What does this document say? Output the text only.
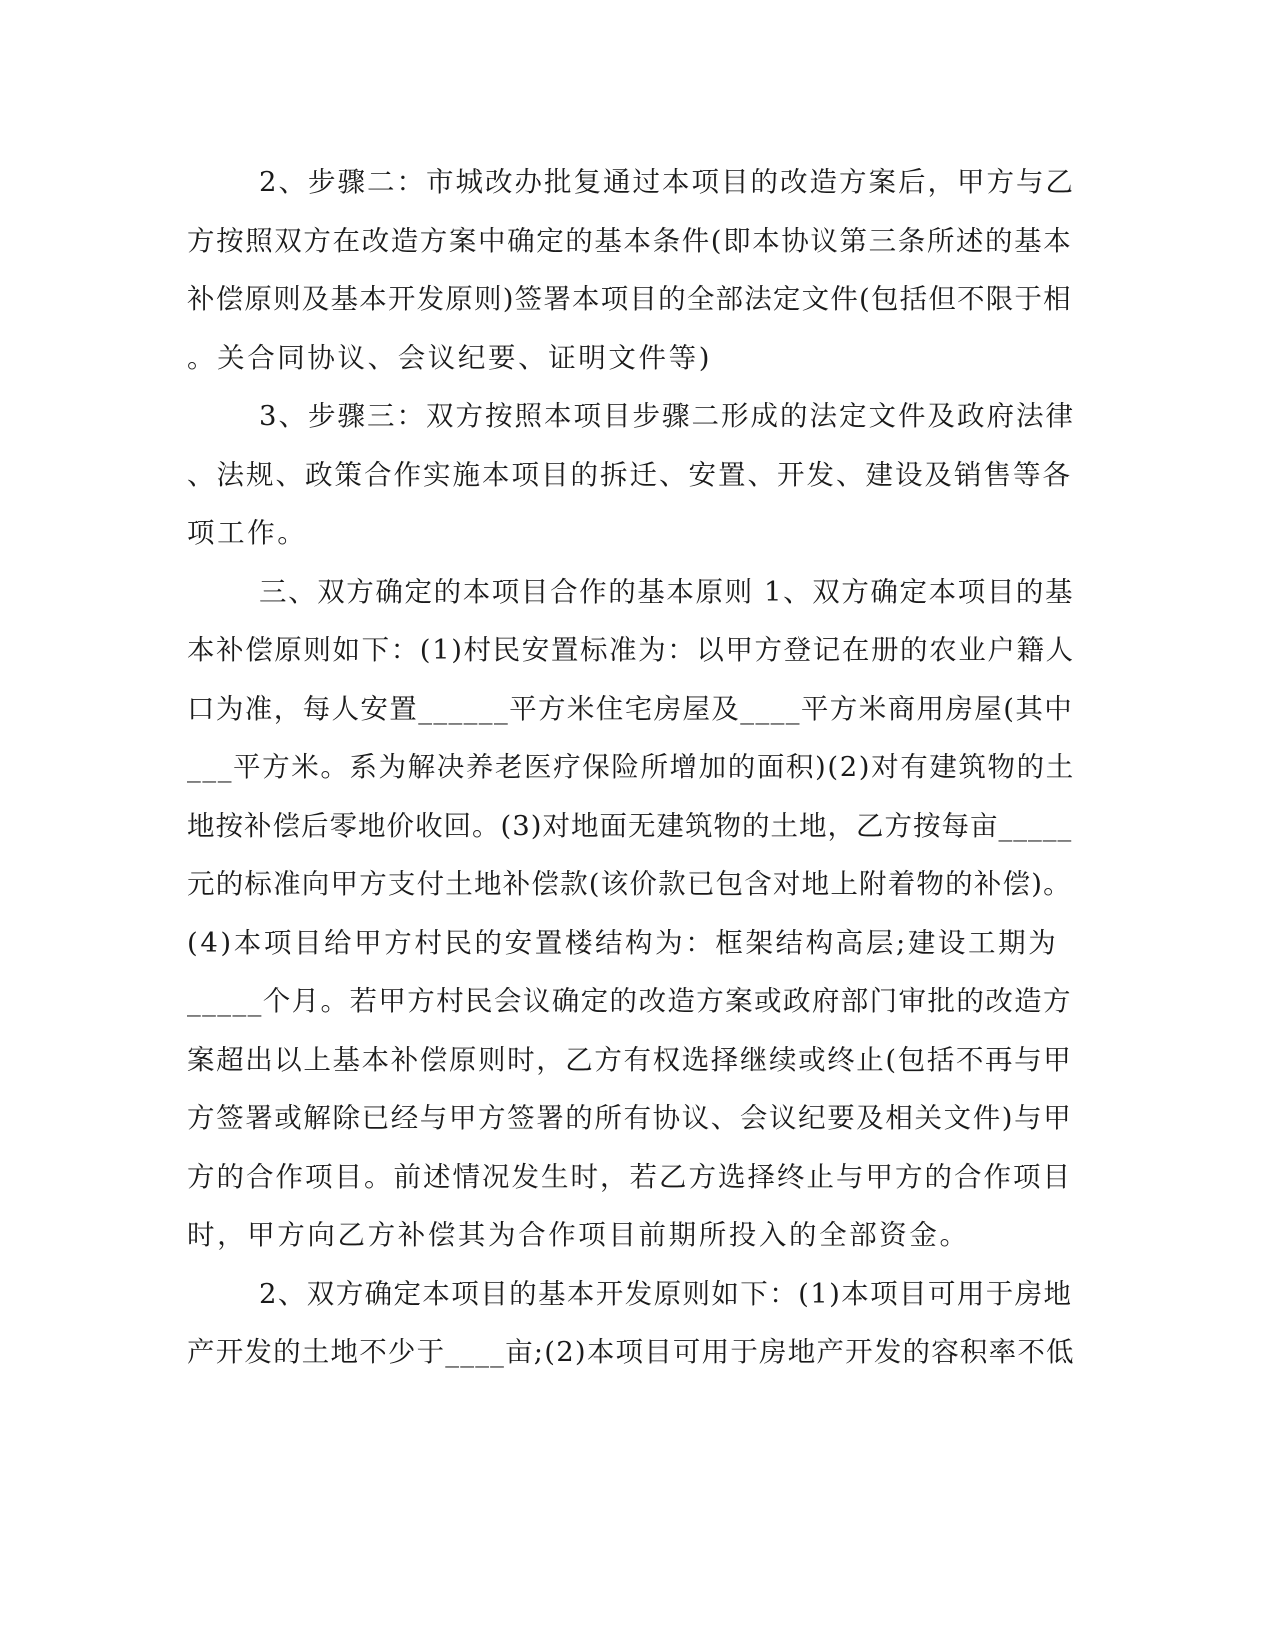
2、步骤二：市城改办批复通过本项目的改造方案后，甲方与乙
方按照双方在改造方案中确定的基本条件(即本协议第三条所述的基本
补偿原则及基本开发原则)签署本项目的全部法定文件(包括但不限于相
。关合同协议、会议纪要、证明文件等)
3、步骤三：双方按照本项目步骤二形成的法定文件及政府法律
、法规、政策合作实施本项目的拆迁、安置、开发、建设及销售等各
项工作。
三、双方确定的本项目合作的基本原则 1、双方确定本项目的基
本补偿原则如下：(1)村民安置标准为：以甲方登记在册的农业户籍人
口为准，每人安置______平方米住宅房屋及____平方米商用房屋(其中
___平方米。系为解决养老医疗保险所增加的面积)(2)对有建筑物的土
地按补偿后零地价收回。(3)对地面无建筑物的土地，乙方按每亩_____
元的标准向甲方支付土地补偿款(该价款已包含对地上附着物的补偿)。
(4)本项目给甲方村民的安置楼结构为：框架结构高层;建设工期为
_____个月。若甲方村民会议确定的改造方案或政府部门审批的改造方
案超出以上基本补偿原则时，乙方有权选择继续或终止(包括不再与甲
方签署或解除已经与甲方签署的所有协议、会议纪要及相关文件)与甲
方的合作项目。前述情况发生时，若乙方选择终止与甲方的合作项目
时，甲方向乙方补偿其为合作项目前期所投入的全部资金。
2、双方确定本项目的基本开发原则如下：(1)本项目可用于房地
产开发的土地不少于____亩;(2)本项目可用于房地产开发的容积率不低
